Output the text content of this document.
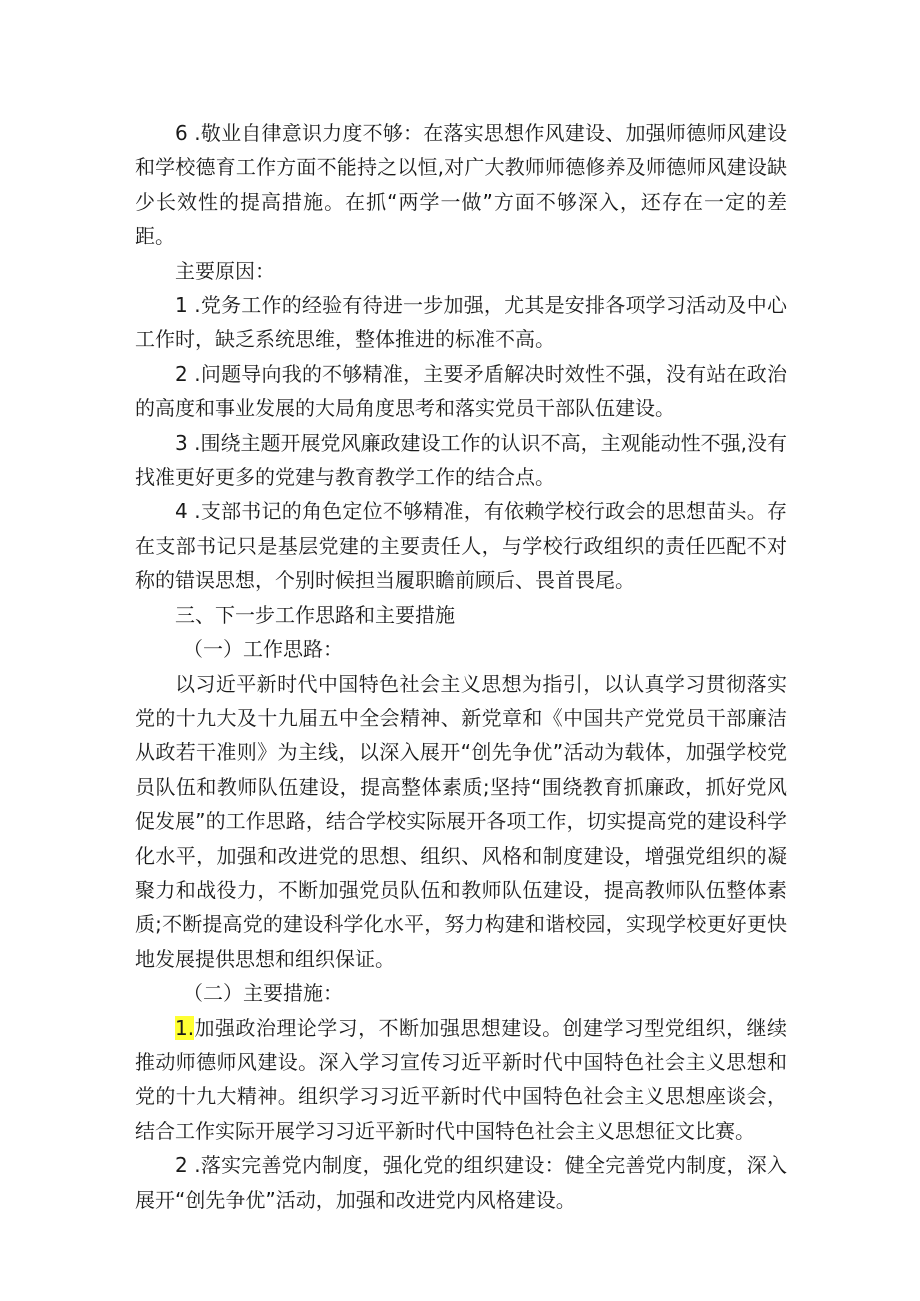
6 .敬业自律意识力度不够：在落实思想作风建设、加强师德师风建设和学校德育工作方面不能持之以恒,对广大教师师德修养及师德师风建设缺少长效性的提高措施。在抓“两学一做”方面不够深入，还存在一定的差距。

主要原因：

1 .党务工作的经验有待进一步加强，尤其是安排各项学习活动及中心工作时，缺乏系统思维，整体推进的标准不高。

2 .问题导向我的不够精准，主要矛盾解决时效性不强，没有站在政治的高度和事业发展的大局角度思考和落实党员干部队伍建设。

3 .围绕主题开展党风廉政建设工作的认识不高，主观能动性不强,没有找准更好更多的党建与教育教学工作的结合点。

4 .支部书记的角色定位不够精准，有依赖学校行政会的思想苗头。存在支部书记只是基层党建的主要责任人，与学校行政组织的责任匹配不对称的错误思想，个别时候担当履职瞻前顾后、畏首畏尾。

三、下一步工作思路和主要措施

（一）工作思路：

以习近平新时代中国特色社会主义思想为指引，以认真学习贯彻落实党的十九大及十九届五中全会精神、新党章和《中国共产党党员干部廉洁从政若干准则》为主线，以深入展开“创先争优”活动为载体，加强学校党员队伍和教师队伍建设，提高整体素质;坚持“围绕教育抓廉政，抓好党风促发展”的工作思路，结合学校实际展开各项工作，切实提高党的建设科学化水平，加强和改进党的思想、组织、风格和制度建设，增强党组织的凝聚力和战役力，不断加强党员队伍和教师队伍建设，提高教师队伍整体素质;不断提高党的建设科学化水平，努力构建和谐校园，实现学校更好更快地发展提供思想和组织保证。

（二）主要措施：

1.加强政治理论学习，不断加强思想建设。创建学习型党组织，继续推动师德师风建设。深入学习宣传习近平新时代中国特色社会主义思想和党的十九大精神。组织学习习近平新时代中国特色社会主义思想座谈会，结合工作实际开展学习习近平新时代中国特色社会主义思想征文比赛。

2 .落实完善党内制度，强化党的组织建设：健全完善党内制度，深入展开“创先争优”活动，加强和改进党内风格建设。
